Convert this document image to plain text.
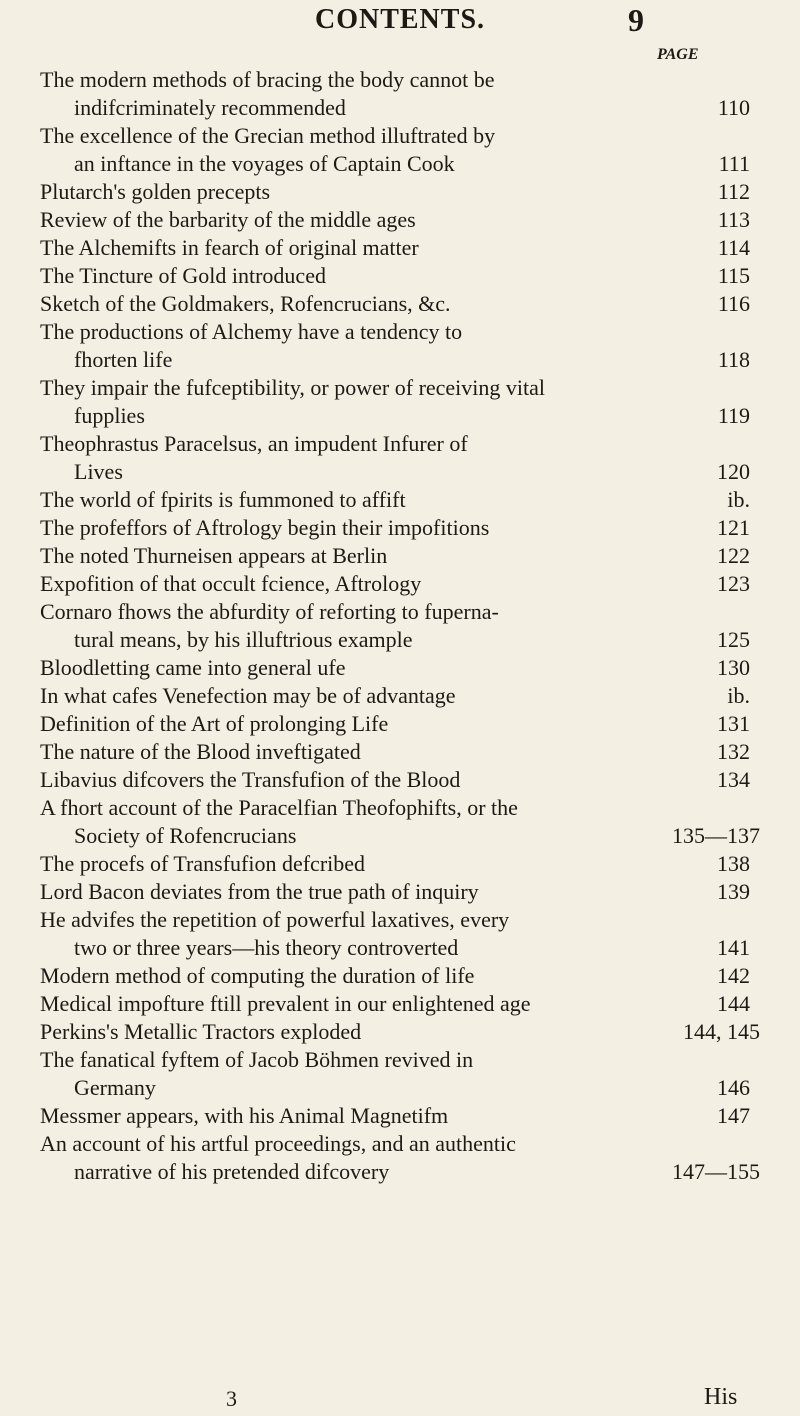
CONTENTS.	9
PAGE
The modern methods of bracing the body cannot be
indifcriminately recommended	110
The excellence of the Grecian method illuftrated by
an inftance in the voyages of Captain Cook	111
Plutarch's golden precepts	112
Review of the barbarity of the middle ages	113
The Alchemifts in fearch of original matter	114
The Tincture of Gold introduced	115
Sketch of the Goldmakers, Rofencrucians, &c.	116
The productions of Alchemy have a tendency to
fhorten life	118
They impair the fufceptibility, or power of receiving vital
fupplies	119
Theophrastus Paracelsus, an impudent Infurer of
Lives	120
The world of fpirits is fummoned to affift	ib.
The profeffors of Aftrology begin their impofitions	121
The noted Thurneisen appears at Berlin	122
Expofition of that occult fcience, Aftrology	123
Cornaro fhows the abfurdity of reforting to fuperna-
tural means, by his illuftrious example	125
Bloodletting came into general ufe	130
In what cafes Venefection may be of advantage	ib.
Definition of the Art of prolonging Life	131
The nature of the Blood inveftigated	132
Libavius difcovers the Transfufion of the Blood	134
A fhort account of the Paracelfian Theofophifts, or the
Society of Rofencrucians	135—137
The procefs of Transfufion defcribed	138
Lord Bacon deviates from the true path of inquiry	139
He advifes the repetition of powerful laxatives, every
two or three years—his theory controverted	141
Modern method of computing the duration of life	142
Medical impofture ftill prevalent in our enlightened age	144
Perkins's Metallic Tractors exploded	144, 145
The fanatical fyftem of Jacob Böhmen revived in
Germany	146
Messmer appears, with his Animal Magnetifm	147
An account of his artful proceedings, and an authentic
narrative of his pretended difcovery	147—155
3	His
